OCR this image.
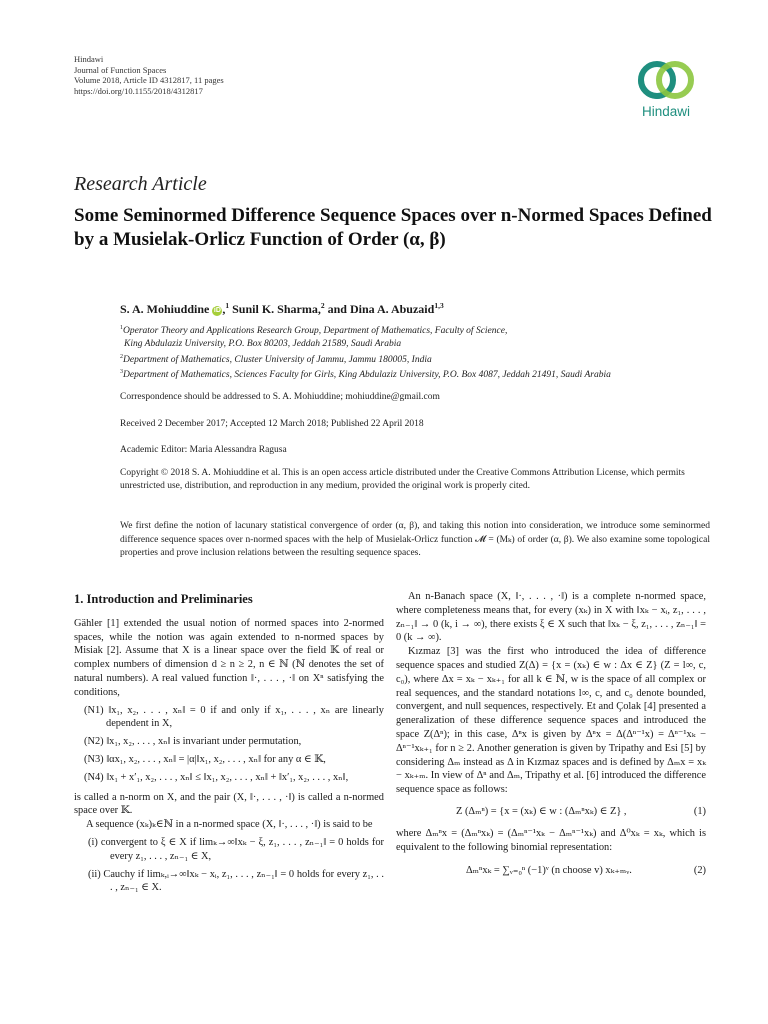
Hindawi
Journal of Function Spaces
Volume 2018, Article ID 4312817, 11 pages
https://doi.org/10.1155/2018/4312817
Hindawi
Research Article
Some Seminormed Difference Sequence Spaces over n-Normed Spaces Defined by a Musielak-Orlicz Function of Order (α, β)
S. A. Mohiuddine iD ,$^1$ Sunil K. Sharma,$^2$ and Dina A. Abuzaid$^{1,3}$
$^1$Operator Theory and Applications Research Group, Department of Mathematics, Faculty of Science,
King Abdulaziz University, P.O. Box 80203, Jeddah 21589, Saudi Arabia
$^2$Department of Mathematics, Cluster University of Jammu, Jammu 180005, India
$^3$Department of Mathematics, Sciences Faculty for Girls, King Abdulaziz University, P.O. Box 4087, Jeddah 21491, Saudi Arabia
Correspondence should be addressed to S. A. Mohiuddine; mohiuddine@gmail.com
Received 2 December 2017; Accepted 12 March 2018; Published 22 April 2018
Academic Editor: Maria Alessandra Ragusa
Copyright © 2018 S. A. Mohiuddine et al. This is an open access article distributed under the Creative Commons Attribution License, which permits unrestricted use, distribution, and reproduction in any medium, provided the original work is properly cited.
We first define the notion of lacunary statistical convergence of order (α, β), and taking this notion into consideration, we introduce some seminormed difference sequence spaces over n-normed spaces with the help of Musielak-Orlicz function 𝓜 = (Mₖ) of order (α, β). We also examine some topological properties and prove inclusion relations between the resulting sequence spaces.
1. Introduction and Preliminaries

Gähler [1] extended the usual notion of normed spaces into 2-normed spaces, while the notion was again extended to n-normed spaces by Misiak [2]. Assume that X is a linear space over the field 𝕂 of real or complex numbers of dimension d ≥ n ≥ 2, n ∈ ℕ (ℕ denotes the set of natural numbers). A real valued function ‖·, . . . , ·‖ on Xⁿ satisfying the conditions,

(N1) ‖x₁, x₂, . . . , xₙ‖ = 0 if and only if x₁, . . . , xₙ are linearly dependent in X,

(N2) ‖x₁, x₂, . . . , xₙ‖ is invariant under permutation,

(N3) ‖αx₁, x₂, . . . , xₙ‖ = |α|‖x₁, x₂, . . . , xₙ‖ for any α ∈ 𝕂,

(N4) ‖x₁ + x′₁, x₂, . . . , xₙ‖ ≤ ‖x₁, x₂, . . . , xₙ‖ + ‖x′₁, x₂, . . . , xₙ‖,

is called a n-norm on X, and the pair (X, ‖·, . . . , ·‖) is called a n-normed space over 𝕂.

A sequence (xₖ)ₖ∈ℕ in a n-normed space (X, ‖·, . . . , ·‖) is said to be

(i) convergent to ξ ∈ X if limₖ→∞‖xₖ − ξ, z₁, . . . , zₙ₋₁‖ = 0 holds for every z₁, . . . , zₙ₋₁ ∈ X,

(ii) Cauchy if limₖ,ᵢ→∞‖xₖ − xᵢ, z₁, . . . , zₙ₋₁‖ = 0 holds for every z₁, . . . , zₙ₋₁ ∈ X.

An n-Banach space (X, ‖·, . . . , ·‖) is a complete n-normed space, where completeness means that, for every (xₖ) in X with ‖xₖ − xᵢ, z₁, . . . , zₙ₋₁‖ → 0 (k, i → ∞), there exists ξ ∈ X such that ‖xₖ − ξ, z₁, . . . , zₙ₋₁‖ = 0 (k → ∞).

Kızmaz [3] was the first who introduced the idea of difference sequence spaces and studied Z(Δ) = {x = (xₖ) ∈ w : Δx ∈ Z} (Z = l∞, c, c₀), where Δx = xₖ − xₖ₊₁ for all k ∈ ℕ, w is the space of all complex or real sequences, and the standard notations l∞, c, and c₀ denote bounded, convergent, and null sequences, respectively. Et and Çolak [4] presented a generalization of these difference sequence spaces and introduced the space Z(Δⁿ); in this case, Δⁿx is given by Δⁿx = Δ(Δⁿ⁻¹x) = Δⁿ⁻¹xₖ − Δⁿ⁻¹xₖ₊₁ for n ≥ 2. Another generation is given by Tripathy and Esi [5] by considering Δₘ instead as Δ in Kızmaz spaces and is defined by Δₘx = xₖ − xₖ₊ₘ. In view of Δⁿ and Δₘ, Tripathy et al. [6] introduced the difference sequence space as follows:

Z (Δₘⁿ) = {x = (xₖ) ∈ w : (Δₘⁿxₖ) ∈ Z} ,	(1)

where Δₘⁿx = (Δₘⁿxₖ) = (Δₘⁿ⁻¹xₖ − Δₘⁿ⁻¹xₖ) and Δ⁰xₖ = xₖ, which is equivalent to the following binomial representation:

Δₘⁿxₖ = ∑ᵥ₌₀ⁿ (−1)ᵛ (n choose v) xₖ₊ₘᵥ.	(2)
